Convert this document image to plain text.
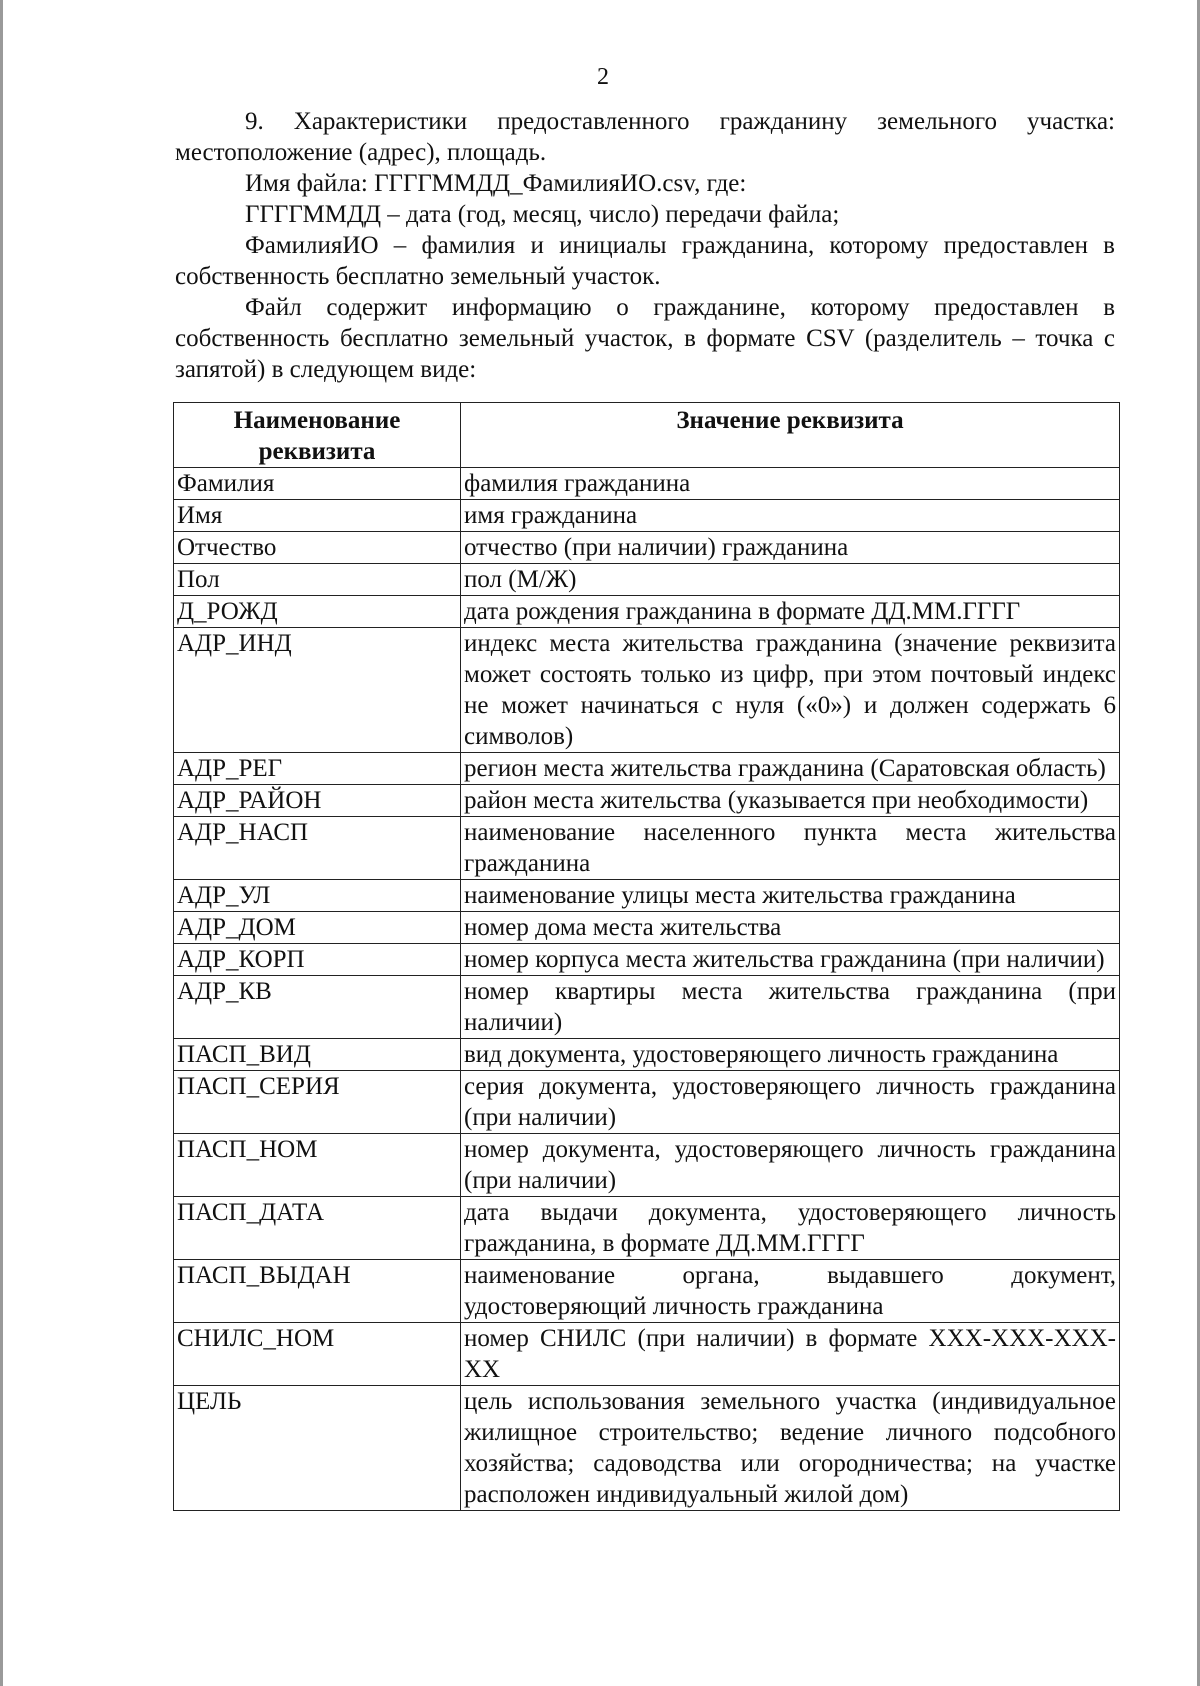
2

9. Характеристики предоставленного гражданину земельного участка: местоположение (адрес), площадь.

Имя файла: ГГГГММДД_ФамилияИО.csv, где:

ГГГГММДД – дата (год, месяц, число) передачи файла;

ФамилияИО – фамилия и инициалы гражданина, которому предоставлен в собственность бесплатно земельный участок.

Файл содержит информацию о гражданине, которому предоставлен в собственность бесплатно земельный участок, в формате CSV (разделитель – точка с запятой) в следующем виде:

Наименование реквизита	Значение реквизита
Фамилия	фамилия гражданина
Имя	имя гражданина
Отчество	отчество (при наличии) гражданина
Пол	пол (М/Ж)
Д_РОЖД	дата рождения гражданина в формате ДД.ММ.ГГГГ
АДР_ИНД	индекс места жительства гражданина (значение реквизита может состоять только из цифр, при этом почтовый индекс не может начинаться с нуля («0») и должен содержать 6 символов)
АДР_РЕГ	регион места жительства гражданина (Саратовская область)
АДР_РАЙОН	район места жительства (указывается при необходимости)
АДР_НАСП	наименование населенного пункта места жительства гражданина
АДР_УЛ	наименование улицы места жительства гражданина
АДР_ДОМ	номер дома места жительства
АДР_КОРП	номер корпуса места жительства гражданина (при наличии)
АДР_КВ	номер квартиры места жительства гражданина (при наличии)
ПАСП_ВИД	вид документа, удостоверяющего личность гражданина
ПАСП_СЕРИЯ	серия документа, удостоверяющего личность гражданина (при наличии)
ПАСП_НОМ	номер документа, удостоверяющего личность гражданина (при наличии)
ПАСП_ДАТА	дата выдачи документа, удостоверяющего личность гражданина, в формате ДД.ММ.ГГГГ
ПАСП_ВЫДАН	наименование органа, выдавшего документ, удостоверяющий личность гражданина
СНИЛС_НОМ	номер СНИЛС (при наличии) в формате ХХХ-ХХХ-ХХХ-ХХ
ЦЕЛЬ	цель использования земельного участка (индивидуальное жилищное строительство; ведение личного подсобного хозяйства; садоводства или огородничества; на участке расположен индивидуальный жилой дом)
